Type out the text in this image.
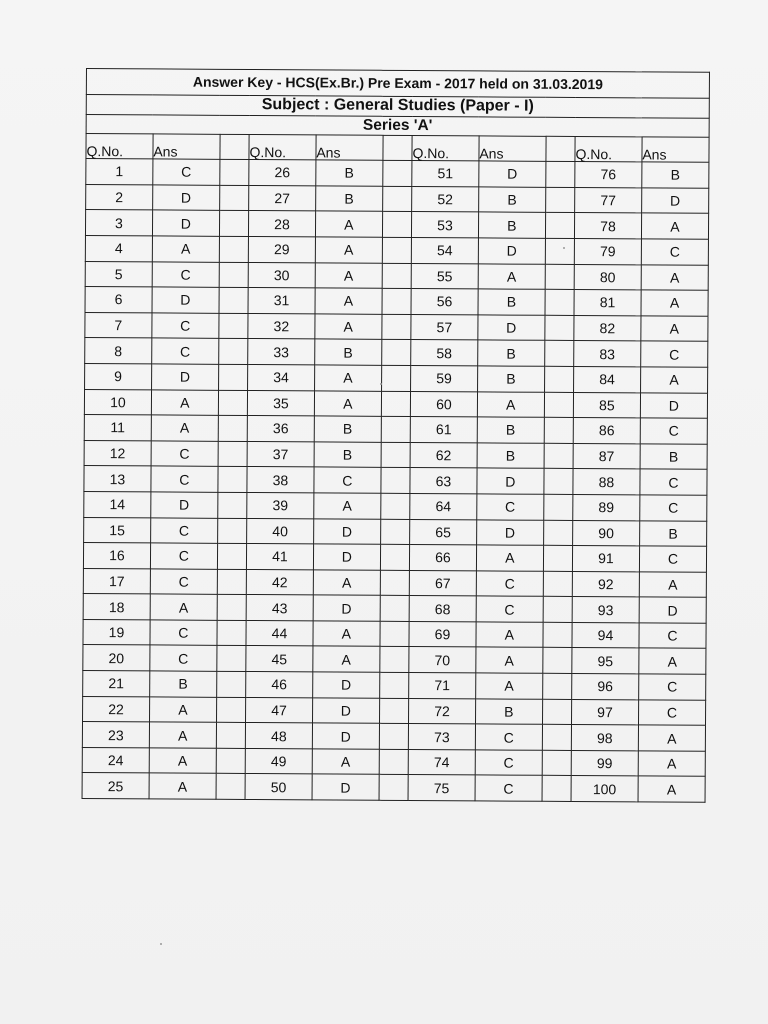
Answer Key - HCS(Ex.Br.) Pre Exam - 2017 held on 31.03.2019										
Subject : General Studies (Paper - I)										
Series 'A'										
Q.No.	Ans		Q.No.	Ans		Q.No.	Ans		Q.No.	Ans
1	C		26	B		51	D		76	B
2	D		27	B		52	B		77	D
3	D		28	A		53	B		78	A
4	A		29	A		54	D		79	C
5	C		30	A		55	A		80	A
6	D		31	A		56	B		81	A
7	C		32	A		57	D		82	A
8	C		33	B		58	B		83	C
9	D		34	A		59	B		84	A
10	A		35	A		60	A		85	D
11	A		36	B		61	B		86	C
12	C		37	B		62	B		87	B
13	C		38	C		63	D		88	C
14	D		39	A		64	C		89	C
15	C		40	D		65	D		90	B
16	C		41	D		66	A		91	C
17	C		42	A		67	C		92	A
18	A		43	D		68	C		93	D
19	C		44	A		69	A		94	C
20	C		45	A		70	A		95	A
21	B		46	D		71	A		96	C
22	A		47	D		72	B		97	C
23	A		48	D		73	C		98	A
24	A		49	A		74	C		99	A
25	A		50	D		75	C		100	A
